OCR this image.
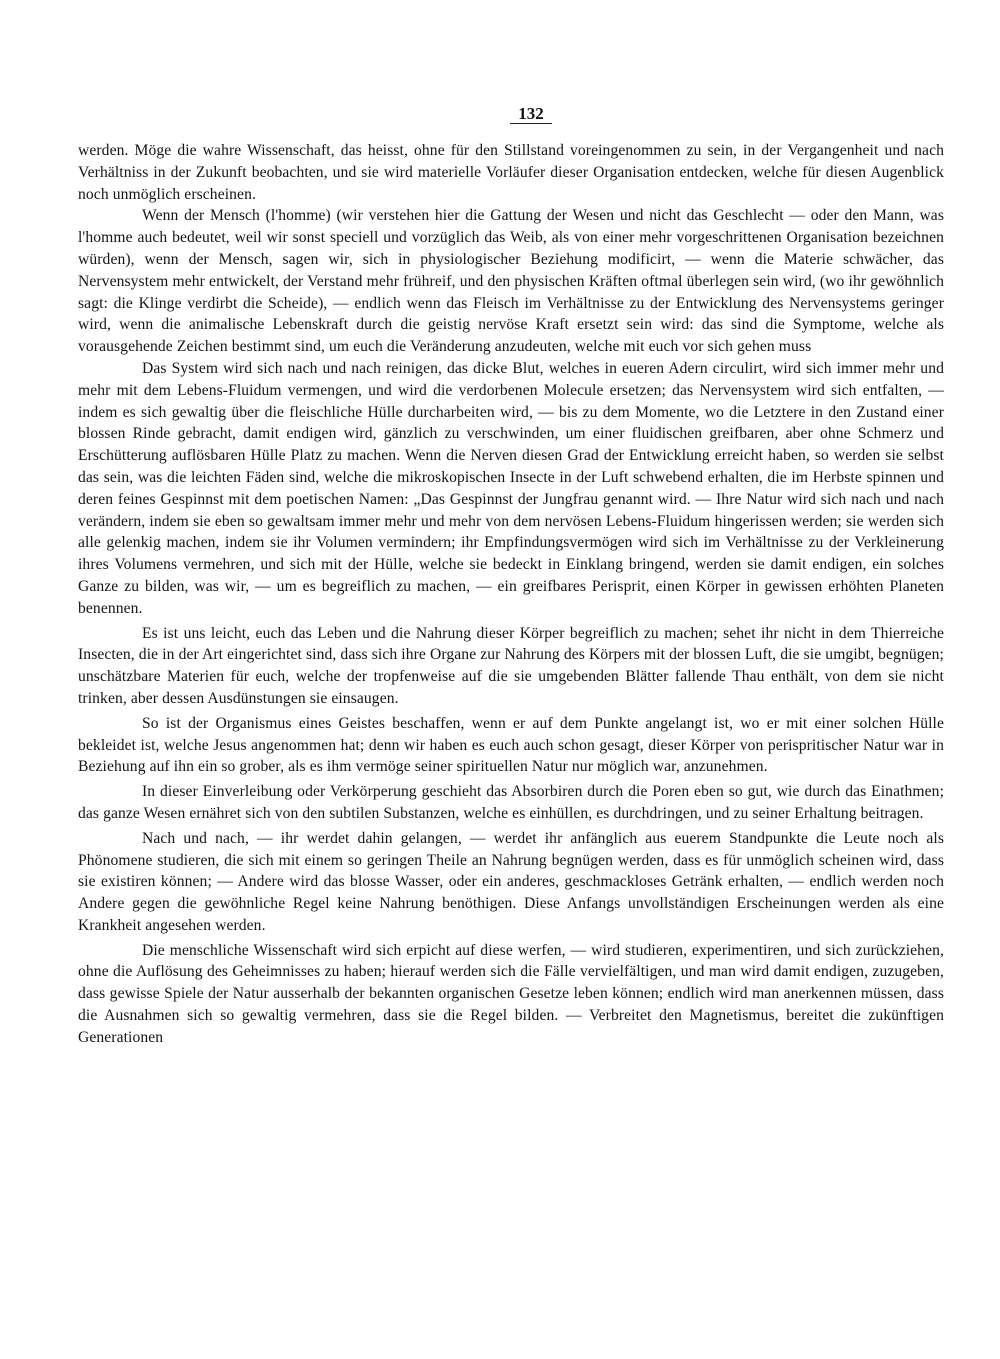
132

werden. Möge die wahre Wissenschaft, das heisst, ohne für den Stillstand voreingenommen zu sein, in der Vergangenheit und nach Verhältniss in der Zukunft beobachten, und sie wird materielle Vorläufer dieser Organisation entdecken, welche für diesen Augenblick noch unmöglich erscheinen.

Wenn der Mensch (l'homme) (wir verstehen hier die Gattung der Wesen und nicht das Geschlecht — oder den Mann, was l'homme auch bedeutet, weil wir sonst speciell und vorzüglich das Weib, als von einer mehr vorgeschrittenen Organisation bezeichnen würden), wenn der Mensch, sagen wir, sich in physiologischer Beziehung modificirt, — wenn die Materie schwächer, das Nervensystem mehr entwickelt, der Verstand mehr frühreif, und den physischen Kräften oftmal überlegen sein wird, (wo ihr gewöhnlich sagt: die Klinge verdirbt die Scheide), — endlich wenn das Fleisch im Verhältnisse zu der Entwicklung des Nervensystems geringer wird, wenn die animalische Lebenskraft durch die geistig nervöse Kraft ersetzt sein wird: das sind die Symptome, welche als vorausgehende Zeichen bestimmt sind, um euch die Veränderung anzudeuten, welche mit euch vor sich gehen muss

Das System wird sich nach und nach reinigen, das dicke Blut, welches in eueren Adern circulirt, wird sich immer mehr und mehr mit dem Lebens-Fluidum vermengen, und wird die verdorbenen Molecule ersetzen; das Nervensystem wird sich entfalten, — indem es sich gewaltig über die fleischliche Hülle durcharbeiten wird, — bis zu dem Momente, wo die Letztere in den Zustand einer blossen Rinde gebracht, damit endigen wird, gänzlich zu verschwinden, um einer fluidischen greifbaren, aber ohne Schmerz und Erschütterung auflösbaren Hülle Platz zu machen. Wenn die Nerven diesen Grad der Entwicklung erreicht haben, so werden sie selbst das sein, was die leichten Fäden sind, welche die mikroskopischen Insecte in der Luft schwebend erhalten, die im Herbste spinnen und deren feines Gespinnst mit dem poetischen Namen: „Das Gespinnst der Jungfrau genannt wird. — Ihre Natur wird sich nach und nach verändern, indem sie eben so gewaltsam immer mehr und mehr von dem nervösen Lebens-Fluidum hingerissen werden; sie werden sich alle gelenkig machen, indem sie ihr Volumen vermindern; ihr Empfindungsvermögen wird sich im Verhältnisse zu der Verkleinerung ihres Volumens vermehren, und sich mit der Hülle, welche sie bedeckt in Einklang bringend, werden sie damit endigen, ein solches Ganze zu bilden, was wir, — um es begreiflich zu machen, — ein greifbares Perisprit, einen Körper in gewissen erhöhten Planeten benennen.

Es ist uns leicht, euch das Leben und die Nahrung dieser Körper begreiflich zu machen; sehet ihr nicht in dem Thierreiche Insecten, die in der Art eingerichtet sind, dass sich ihre Organe zur Nahrung des Körpers mit der blossen Luft, die sie umgibt, begnügen; unschätzbare Materien für euch, welche der tropfenweise auf die sie umgebenden Blätter fallende Thau enthält, von dem sie nicht trinken, aber dessen Ausdünstungen sie einsaugen.

So ist der Organismus eines Geistes beschaffen, wenn er auf dem Punkte angelangt ist, wo er mit einer solchen Hülle bekleidet ist, welche Jesus angenommen hat; denn wir haben es euch auch schon gesagt, dieser Körper von perispritischer Natur war in Beziehung auf ihn ein so grober, als es ihm vermöge seiner spirituellen Natur nur möglich war, anzunehmen.

In dieser Einverleibung oder Verkörperung geschieht das Absorbiren durch die Poren eben so gut, wie durch das Einathmen; das ganze Wesen ernähret sich von den subtilen Substanzen, welche es einhüllen, es durchdringen, und zu seiner Erhaltung beitragen.

Nach und nach, — ihr werdet dahin gelangen, — werdet ihr anfänglich aus euerem Standpunkte die Leute noch als Phönomene studieren, die sich mit einem so geringen Theile an Nahrung begnügen werden, dass es für unmöglich scheinen wird, dass sie existiren können; — Andere wird das blosse Wasser, oder ein anderes, geschmackloses Getränk erhalten, — endlich werden noch Andere gegen die gewöhnliche Regel keine Nahrung benöthigen. Diese Anfangs unvollständigen Erscheinungen werden als eine Krankheit angesehen werden.

Die menschliche Wissenschaft wird sich erpicht auf diese werfen, — wird studieren, experimentiren, und sich zurückziehen, ohne die Auflösung des Geheimnisses zu haben; hierauf werden sich die Fälle vervielfältigen, und man wird damit endigen, zuzugeben, dass gewisse Spiele der Natur ausserhalb der bekannten organischen Gesetze leben können; endlich wird man anerkennen müssen, dass die Ausnahmen sich so gewaltig vermehren, dass sie die Regel bilden. — Verbreitet den Magnetismus, bereitet die zukünftigen Generationen
